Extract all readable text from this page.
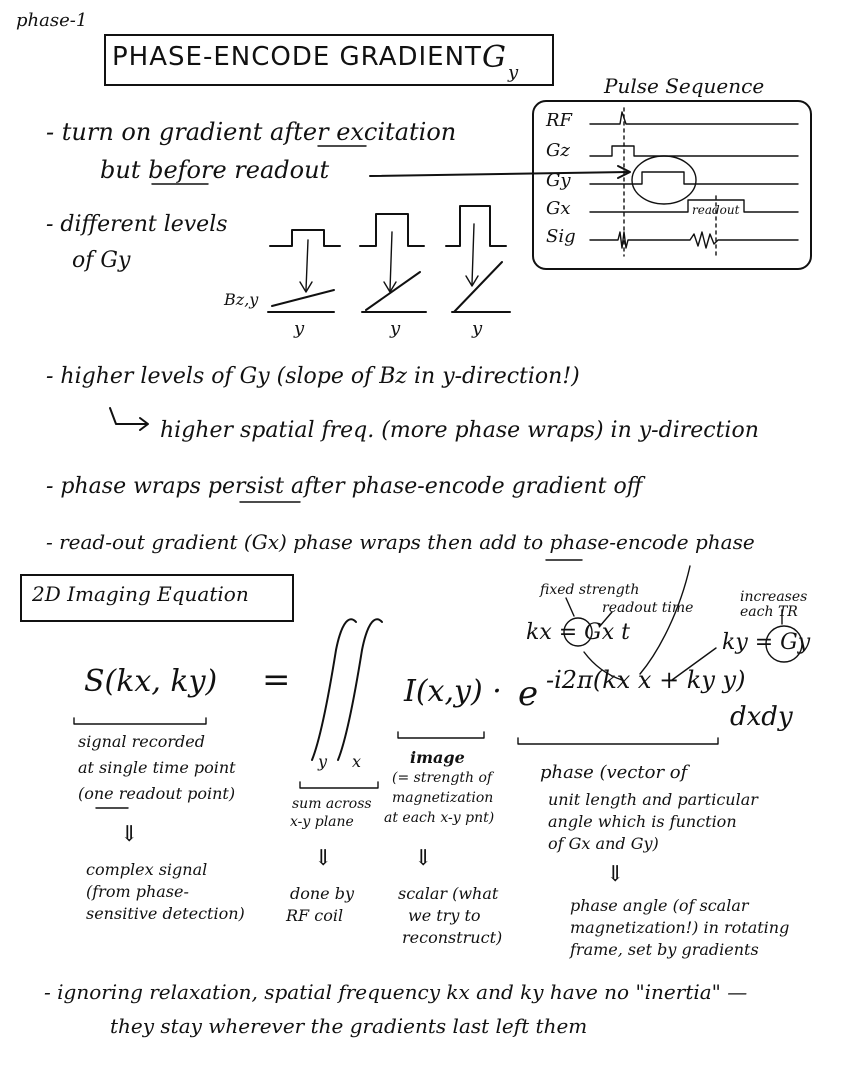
phase-1
PHASE-ENCODE GRADIENT G y
Pulse Sequence
RF
Gz
Gy
Gx
Sig
readout
- turn on gradient after excitation
but before readout
- different levels
of Gy
Bz,y
y	y	y
- higher levels of Gy (slope of Bz in y-direction!)
higher spatial freq. (more phase wraps) in y-direction
- phase wraps persist after phase-encode gradient off
- read-out gradient (Gx) phase wraps then add to phase-encode phase
2D Imaging Equation	fixed strength
readout time
kx = Gx t
increases each TR
ky = Gy
S(kx, ky) =
y x
I(x,y) · e -i2π(kx x + ky y)
dxdy
signal recorded
at single time point
(one readout point)
⇓
complex signal
(from phase-
sensitive detection)
sum across
x-y plane
⇓
done by
RF coil
image
(= strength of
magnetization
at each x-y pnt)
⇓
scalar (what
we try to
reconstruct)
phase (vector of
unit length and particular
angle which is function
of Gx and Gy)
⇓
phase angle (of scalar
magnetization!) in rotating
frame, set by gradients
- ignoring relaxation, spatial frequency kx and ky have no "inertia" —
they stay wherever the gradients last left them
